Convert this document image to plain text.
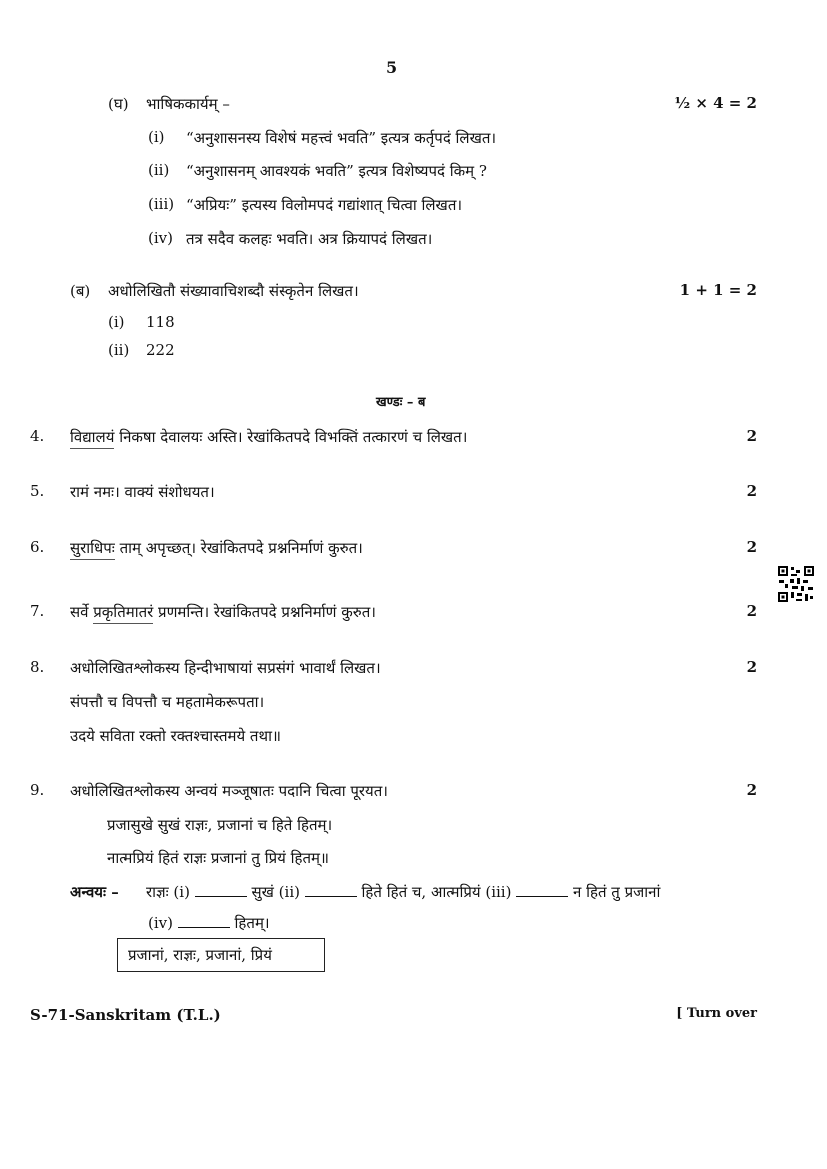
5
(घ) भाषिककार्यम् –	½ × 4 = 2
(i) “अनुशासनस्य विशेषं महत्त्वं भवति” इत्यत्र कर्तृपदं लिखत।
(ii) “अनुशासनम् आवश्यकं भवति” इत्यत्र विशेष्यपदं किम् ?
(iii) “अप्रियः” इत्यस्य विलोमपदं गद्यांशात् चित्वा लिखत।
(iv) तत्र सदैव कलहः भवति। अत्र क्रियापदं लिखत।
(ब) अधोलिखितौ संख्यावाचिशब्दौ संस्कृतेन लिखत।	1 + 1 = 2
(i) 118
(ii) 222
खण्डः – ब
4. विद्यालयं निकषा देवालयः अस्ति। रेखांकितपदे विभक्तिं तत्कारणं च लिखत।	2
5. रामं नमः। वाक्यं संशोधयत।	2
6. सुराधिपः ताम् अपृच्छत्। रेखांकितपदे प्रश्ननिर्माणं कुरुत।	2
7. सर्वे प्रकृतिमातरं प्रणमन्ति। रेखांकितपदे प्रश्ननिर्माणं कुरुत।	2
8. अधोलिखितश्लोकस्य हिन्दीभाषायां सप्रसंगं भावार्थं लिखत।	2
संपत्तौ च विपत्तौ च महतामेकरूपता।
उदये सविता रक्तो रक्तश्चास्तमये तथा॥
9. अधोलिखितश्लोकस्य अन्वयं मञ्जूषातः पदानि चित्वा पूरयत।	2
प्रजासुखे सुखं राज्ञः, प्रजानां च हिते हितम्।
नात्मप्रियं हितं राज्ञः प्रजानां तु प्रियं हितम्॥
अन्वयः – राज्ञः (i)	सुखं (ii)	हिते हितं च, आत्मप्रियं (iii)	न हितं तु प्रजानां
(iv)	हितम्।
प्रजानां, राज्ञः, प्रजानां, प्रियं
S-71-Sanskritam (T.L.)	[ Turn over
